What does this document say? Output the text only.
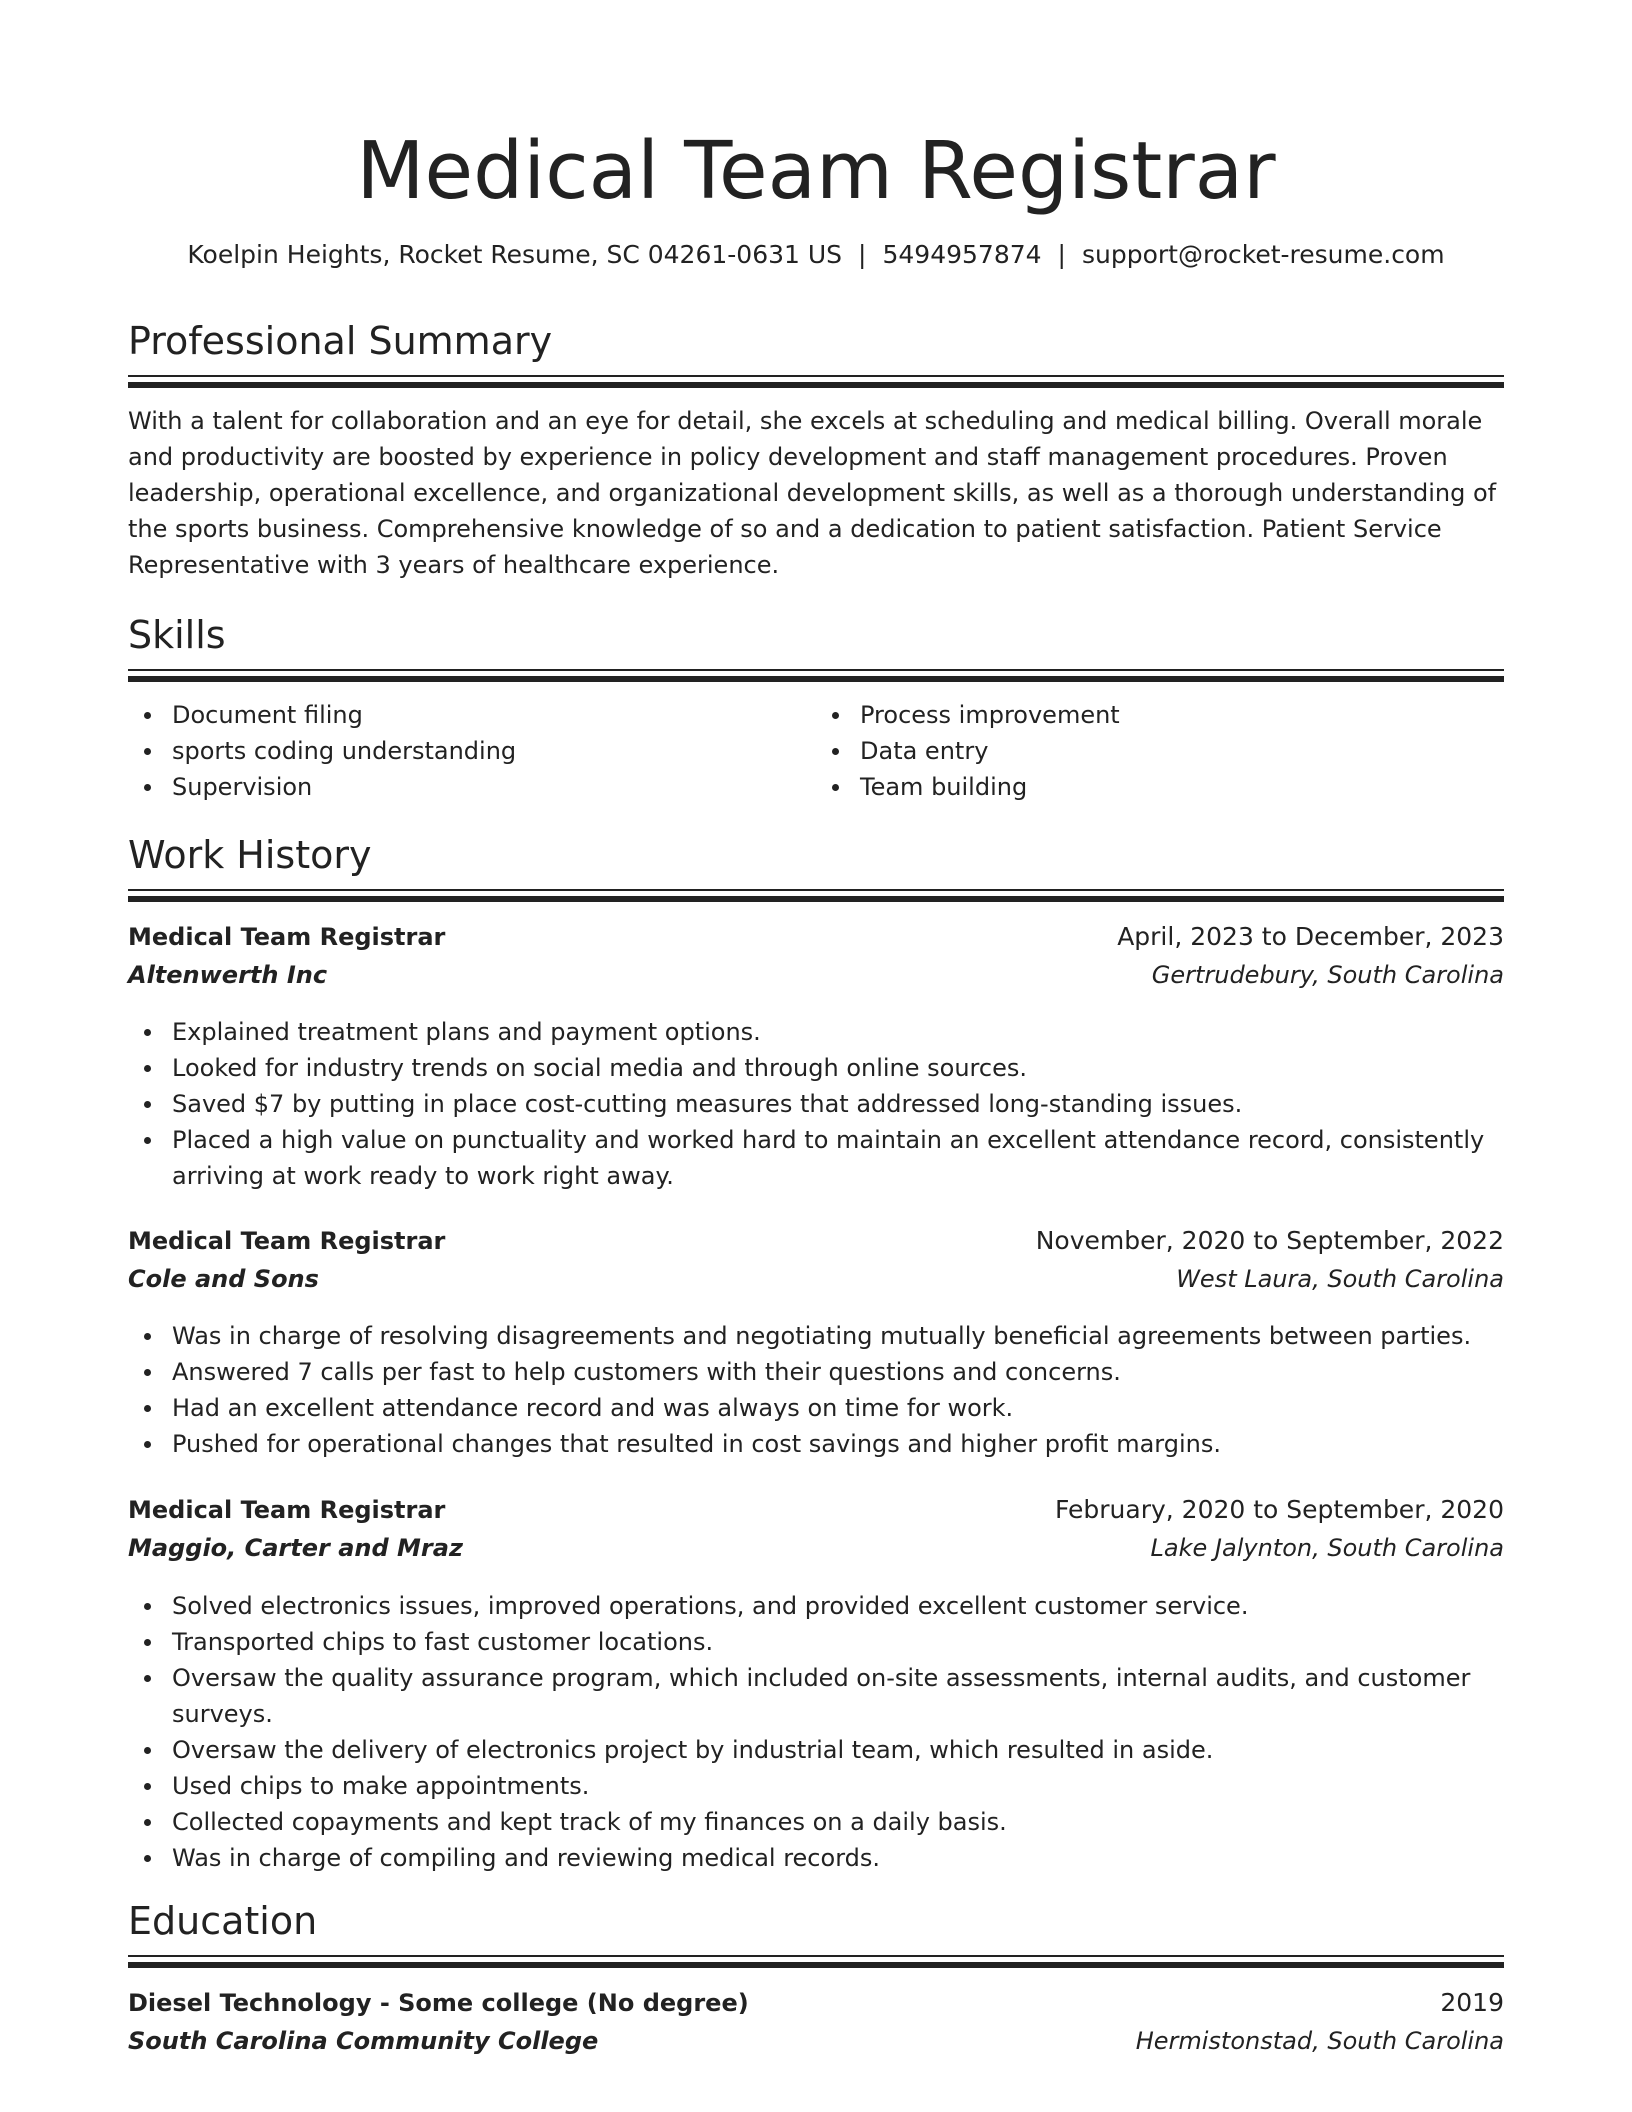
Medical Team Registrar
Koelpin Heights, Rocket Resume, SC 04261-0631 US | 5494957874 | support@rocket-resume.com
Professional Summary

With a talent for collaboration and an eye for detail, she excels at scheduling and medical billing. Overall morale and productivity are boosted by experience in policy development and staff management procedures. Proven leadership, operational excellence, and organizational development skills, as well as a thorough understanding of the sports business. Comprehensive knowledge of so and a dedication to patient satisfaction. Patient Service Representative with 3 years of healthcare experience.

Skills
Document filing
sports coding understanding
Supervision
Process improvement
Data entry
Team building
Work History
Medical Team Registrar	April, 2023 to December, 2023
Altenwerth Inc	Gertrudebury, South Carolina
Explained treatment plans and payment options.
Looked for industry trends on social media and through online sources.
Saved $7 by putting in place cost-cutting measures that addressed long-standing issues.
Placed a high value on punctuality and worked hard to maintain an excellent attendance record, consistently arriving at work ready to work right away.
Medical Team Registrar	November, 2020 to September, 2022
Cole and Sons	West Laura, South Carolina
Was in charge of resolving disagreements and negotiating mutually beneficial agreements between parties.
Answered 7 calls per fast to help customers with their questions and concerns.
Had an excellent attendance record and was always on time for work.
Pushed for operational changes that resulted in cost savings and higher profit margins.
Medical Team Registrar	February, 2020 to September, 2020
Maggio, Carter and Mraz	Lake Jalynton, South Carolina
Solved electronics issues, improved operations, and provided excellent customer service.
Transported chips to fast customer locations.
Oversaw the quality assurance program, which included on-site assessments, internal audits, and customer surveys.
Oversaw the delivery of electronics project by industrial team, which resulted in aside.
Used chips to make appointments.
Collected copayments and kept track of my finances on a daily basis.
Was in charge of compiling and reviewing medical records.
Education
Diesel Technology - Some college (No degree)	2019
South Carolina Community College	Hermistonstad, South Carolina
